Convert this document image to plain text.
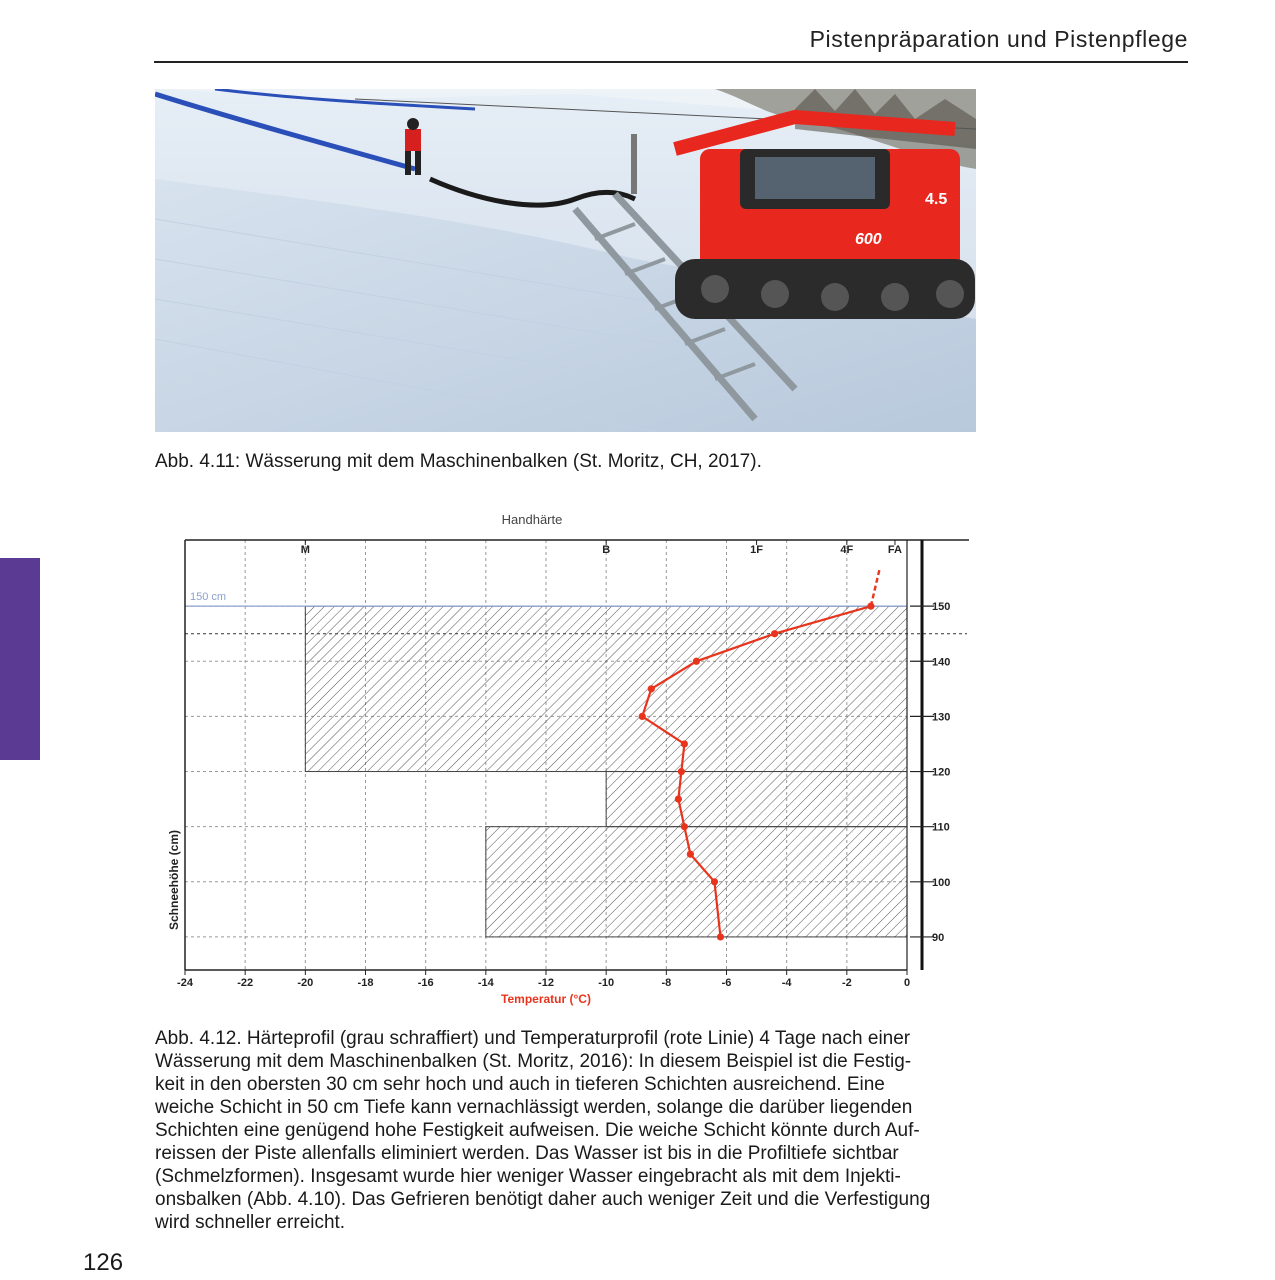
Pistenpräparation und Pistenpflege
4.5
600
Abb. 4.11: Wässerung mit dem Maschinenbalken (St. Moritz, CH, 2017).
150 cm
-24	-22	-20	-18	-16	-14	-12	-10	-8	-6	-4	-2	0
M	B	1F	4F	FA
150
140
130
120
110
100
90
Handhärte
Temperatur (°C)
Schneehöhe (cm)
Abb. 4.12. Härteprofil (grau schraffiert) und Temperaturprofil (rote Linie) 4 Tage nach einer
Wässerung mit dem Maschinenbalken (St. Moritz, 2016): In diesem Beispiel ist die Festig-
keit in den obersten 30 cm sehr hoch und auch in tieferen Schichten ausreichend. Eine
weiche Schicht in 50 cm Tiefe kann vernachlässigt werden, solange die darüber liegenden
Schichten eine genügend hohe Festigkeit aufweisen. Die weiche Schicht könnte durch Auf-
reissen der Piste allenfalls eliminiert werden. Das Wasser ist bis in die Profiltiefe sichtbar
(Schmelzformen). Insgesamt wurde hier weniger Wasser eingebracht als mit dem Injekti-
onsbalken (Abb. 4.10). Das Gefrieren benötigt daher auch weniger Zeit und die Verfestigung
wird schneller erreicht.
126
